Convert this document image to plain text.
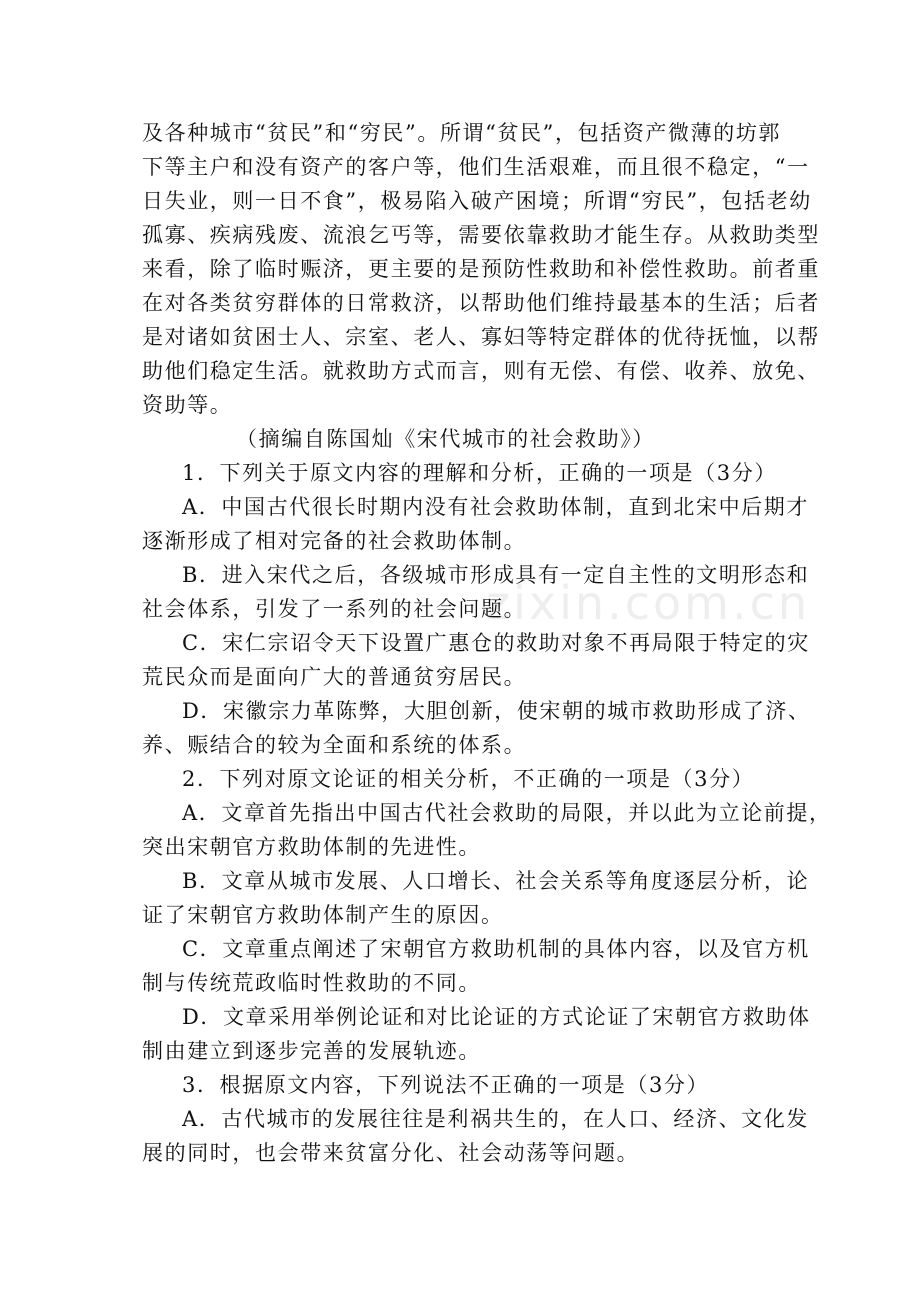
zixin.com.cn
及各种城市“贫民”和“穷民”。所谓“贫民”，包括资产微薄的坊郭
下等主户和没有资产的客户等，他们生活艰难，而且很不稳定，“一
日失业，则一日不食”，极易陷入破产困境；所谓“穷民”，包括老幼
孤寡、疾病残废、流浪乞丐等，需要依靠救助才能生存。从救助类型
来看，除了临时赈济，更主要的是预防性救助和补偿性救助。前者重
在对各类贫穷群体的日常救济，以帮助他们维持最基本的生活；后者
是对诸如贫困士人、宗室、老人、寡妇等特定群体的优待抚恤，以帮
助他们稳定生活。就救助方式而言，则有无偿、有偿、收养、放免、
资助等。
（摘编自陈国灿《宋代城市的社会救助》）
1．下列关于原文内容的理解和分析，正确的一项是（3分）
A．中国古代很长时期内没有社会救助体制，直到北宋中后期才
逐渐形成了相对完备的社会救助体制。
B．进入宋代之后，各级城市形成具有一定自主性的文明形态和
社会体系，引发了一系列的社会问题。
C．宋仁宗诏令天下设置广惠仓的救助对象不再局限于特定的灾
荒民众而是面向广大的普通贫穷居民。
D．宋徽宗力革陈弊，大胆创新，使宋朝的城市救助形成了济、
养、赈结合的较为全面和系统的体系。
2．下列对原文论证的相关分析，不正确的一项是（3分）
A．文章首先指出中国古代社会救助的局限，并以此为立论前提，
突出宋朝官方救助体制的先进性。
B．文章从城市发展、人口增长、社会关系等角度逐层分析，论
证了宋朝官方救助体制产生的原因。
C．文章重点阐述了宋朝官方救助机制的具体内容，以及官方机
制与传统荒政临时性救助的不同。
D．文章采用举例论证和对比论证的方式论证了宋朝官方救助体
制由建立到逐步完善的发展轨迹。
3．根据原文内容，下列说法不正确的一项是（3分）
A．古代城市的发展往往是利祸共生的，在人口、经济、文化发
展的同时，也会带来贫富分化、社会动荡等问题。
